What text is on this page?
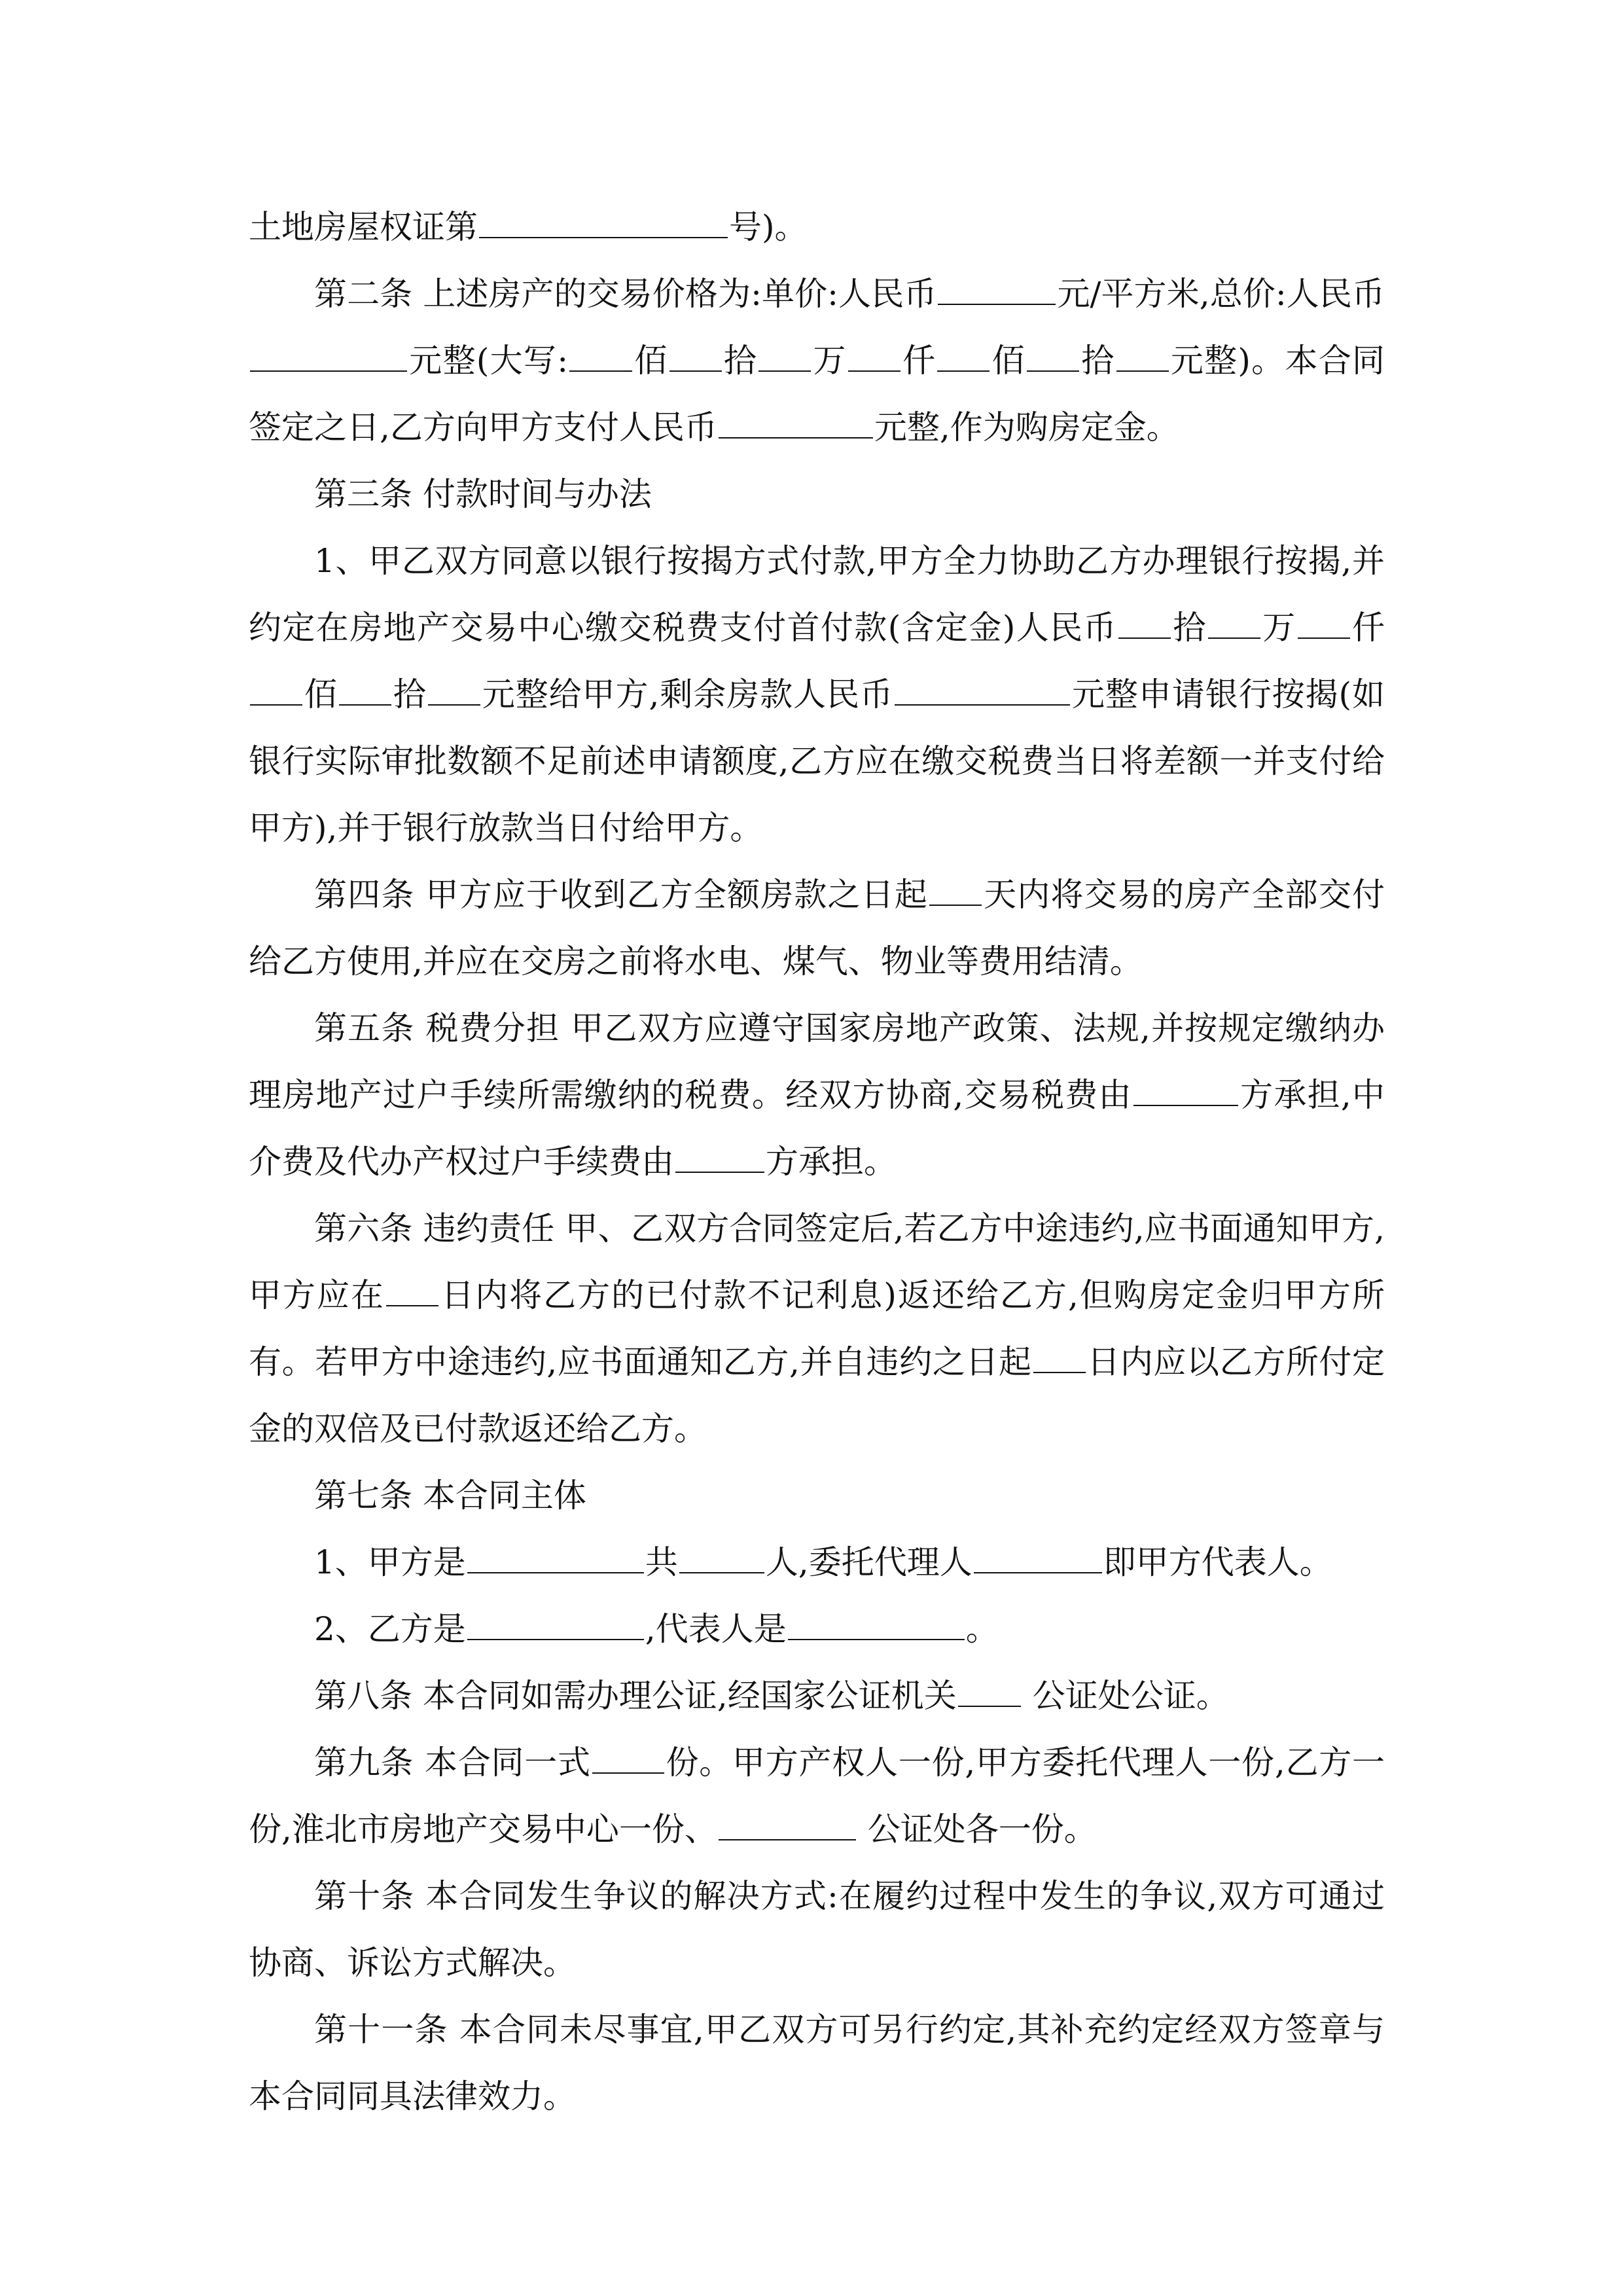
土地房屋权证第	号)。

第二条 上述房产的交易价格为:单价:人民币	元/平方米,总价:人民币元整(大写: 佰 拾 万 仟 佰 拾 元整)。本合同签定之日,乙方向甲方支付人民币	元整,作为购房定金。

第三条 付款时间与办法

1、甲乙双方同意以银行按揭方式付款,甲方全力协助乙方办理银行按揭,并约定在房地产交易中心缴交税费支付首付款(含定金)人民币 拾 万 仟佰 拾 元整给甲方,剩余房款人民币	元整申请银行按揭(如银行实际审批数额不足前述申请额度,乙方应在缴交税费当日将差额一并支付给甲方),并于银行放款当日付给甲方。

第四条 甲方应于收到乙方全额房款之日起 天内将交易的房产全部交付给乙方使用,并应在交房之前将水电、煤气、物业等费用结清。

第五条 税费分担 甲乙双方应遵守国家房地产政策、法规,并按规定缴纳办理房地产过户手续所需缴纳的税费。经双方协商,交易税费由	方承担,中介费及代办产权过户手续费由	方承担。

第六条 违约责任 甲、乙双方合同签定后,若乙方中途违约,应书面通知甲方,甲方应在 日内将乙方的已付款不记利息)返还给乙方,但购房定金归甲方所有。若甲方中途违约,应书面通知乙方,并自违约之日起 日内应以乙方所付定金的双倍及已付款返还给乙方。

第七条 本合同主体

1、甲方是	共	人,委托代理人	即甲方代表人。

2、乙方是	,代表人是	。

第八条 本合同如需办理公证,经国家公证机关 公证处公证。

第九条 本合同一式 份。甲方产权人一份,甲方委托代理人一份,乙方一份,淮北市房地产交易中心一份、	公证处各一份。

第十条 本合同发生争议的解决方式:在履约过程中发生的争议,双方可通过协商、诉讼方式解决。

第十一条 本合同未尽事宜,甲乙双方可另行约定,其补充约定经双方签章与本合同同具法律效力。
